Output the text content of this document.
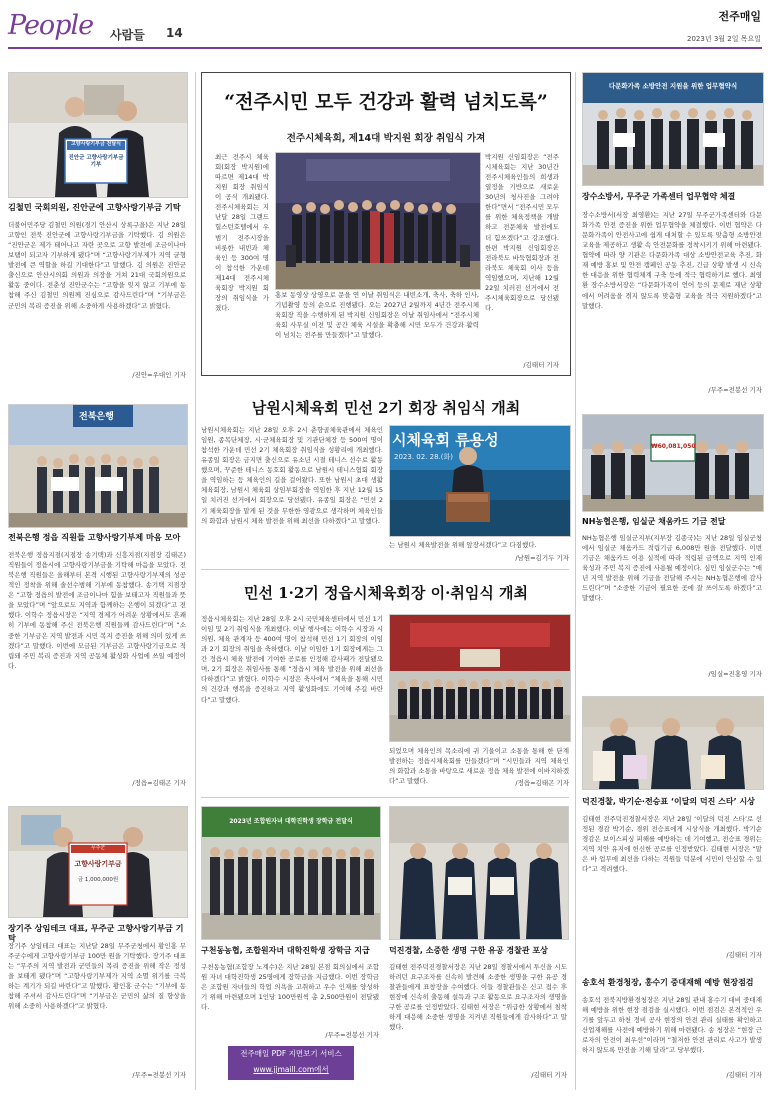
People 사람들 14
전주매일
2023년 3월 2일 목요일
고향사랑기부금 전달식
진안군 고향사랑기부금 기부
김철민 국회의원, 진안군에 고향사랑기부금 기탁
더불어민주당 김철민 의원(경기 안산시 상록구을)은 지난 28일 고향인 전북 진안군에 고향사랑기부금을 기탁했다. 김 의원은 “진안군은 제가 태어나고 자란 곳으로 고향 발전에 조금이나마 보탬이 되고자 기부하게 됐다”며 “고향사랑기부제가 지역 균형발전에 큰 역할을 하길 기대한다”고 말했다. 김 의원은 진안군 출신으로 안산시의회 의원과 의장을 거쳐 21대 국회의원으로 활동 중이다. 전춘성 진안군수는 “고향을 잊지 않고 기부에 동참해 주신 김철민 의원께 진심으로 감사드린다”며 “기부금은 군민의 복리 증진을 위해 소중하게 사용하겠다”고 밝혔다.
/진안=우대인 기자
전북은행
전북은행 정읍 직원들 고향사랑기부제 마음 모아
전북은행 정읍지점(지점장 송기택)과 신흥지점(지점장 김태곤) 직원들이 정읍시에 고향사랑기부금을 기탁해 마음을 모았다. 전북은행 직원들은 올해부터 본격 시행된 고향사랑기부제의 성공적인 정착을 위해 솔선수범해 기부에 동참했다. 송기택 지점장은 “고향 정읍의 발전에 조금이나마 힘을 보태고자 직원들과 뜻을 모았다”며 “앞으로도 지역과 함께하는 은행이 되겠다”고 전했다. 이학수 정읍시장은 “지역 경제가 어려운 상황에서도 흔쾌히 기부에 동참해 주신 전북은행 직원들께 감사드린다”며 “소중한 기부금은 지역 발전과 시민 복지 증진을 위해 의미 있게 쓰겠다”고 말했다. 이번에 모금된 기부금은 고향사랑기금으로 적립돼 주민 복리 증진과 지역 공동체 활성화 사업에 쓰일 예정이다.
/정읍=김태곤 기자
무주군
고향사랑기부금
금 1,000,000원
장기주 상임테크 대표, 무주군 고향사랑기부금 기탁
장기주 상임테크 대표는 지난달 28일 무주군청에서 황인홍 무주군수에게 고향사랑기부금 100만 원을 기탁했다. 장기주 대표는 “무주의 지역 발전과 군민들의 복리 증진을 위해 작은 정성을 보태게 됐다”며 “고향사랑기부제가 지역 소멸 위기를 극복하는 계기가 되길 바란다”고 말했다. 황인홍 군수는 “기부에 동참해 주셔서 감사드린다”며 “기부금은 군민의 삶의 질 향상을 위해 소중히 사용하겠다”고 밝혔다.
/무주=전봉선 기자
“전주시민 모두 건강과 활력 넘치도록”
전주시체육회, 제14대 박지원 회장 취임식 가져
최근 전주시 체육회(회장 박지원)에 따르면 제14대 박지원 회장 취임식이 공식 개최됐다. 전주시체육회는 지난달 28일 그랜드힐스턴호텔에서 우범기 전주시장을 비롯한 내빈과 체육인 등 300여 명이 참석한 가운데 제14대 전주시체육회장 박지원 회장의 취임식을 가졌다.
홍보 동영상 상영으로 문을 연 이날 취임식은 내빈소개, 축사, 축하 인사, 기념촬영 등의 순으로 진행됐다. 오는 2027년 2월까지 4년간 전주시체육회장 직을 수행하게 된 박지원 신임회장은 이날 취임사에서 “전주시체육회 사무실 이전 및 공간 체육 시설을 확충해 시민 모두가 건강과 활력이 넘치는 전주를 만들겠다”고 말했다.
박지원 신임회장은 “전주시체육회는 지난 30년간 전주시체육인들의 희생과 열정을 기반으로 새로운 30년의 청사진을 그려야 한다”면서 “전주시민 모두를 위한 체육정책을 개발하고 전문체육 발전에도 더 힘쓰겠다”고 강조했다. 한편 박지원 신임회장은 전라북도 바둑협회장과 전라북도 체육회 이사 등을 역임했으며, 지난해 12월 22일 치러진 선거에서 전주시체육회장으로 당선됐다.
/김태터 기자
남원시체육회 민선 2기 회장 취임식 개최
남원시체육회는 지난 28일 오후 2시 춘향골체육관에서 체육인 임원, 종목단체장, 시·군체육회장 및 기관단체장 등 500여 명이 참석한 가운데 민선 2기 체육회장 취임식을 성황리에 개최했다. 유종일 회장은 금지면 출신으로 유소년 시절 테니스 선수로 활동했으며, 꾸준한 테니스 동호회 활동으로 남원시 테니스협회 회장을 역임하는 등 체육인의 길을 걸어왔다. 또한 남원시 초대 생활체육회장, 남원시 체육회 상임부회장을 역임한 후 지난 12월 15일 치러진 선거에서 회장으로 당선됐다. 유종일 회장은 “민선 2기 체육회장을 맡게 된 것을 무한한 영광으로 생각하며 체육인들의 화합과 남원시 체육 발전을 위해 최선을 다하겠다”고 말했다.
시체육회 류용성
2023. 02. 28.(화)
는 남원시 체육발전을 위해 앞장서겠다”고 다짐했다.
/남원=김기두 기자
민선 1·2기 정읍시체육회장 이·취임식 개최
정읍시체육회는 지난 28일 오후 2시 국민체육센터에서 민선 1기 이임 및 2기 취임식을 개최했다. 이날 행사에는 이학수 시장과 시의원, 체육 관계자 등 400여 명이 참석해 민선 1기 회장의 이임과 2기 회장의 취임을 축하했다. 이날 이임한 1기 회장에게는 그간 정읍시 체육 발전에 기여한 공로를 인정해 감사패가 전달됐으며, 2기 회장은 취임사를 통해 “정읍시 체육 발전을 위해 최선을 다하겠다”고 밝혔다. 이학수 시장은 축사에서 “체육을 통해 시민의 건강과 행복을 증진하고 지역 활성화에도 기여해 주길 바란다”고 말했다.
되었으며 체육인의 목소리에 귀 기울이고 소통을 통해 한 단계 발전하는 정읍시체육회를 만들겠다”며 “시민들과 지역 체육인의 화합과 소통을 바탕으로 새로운 정읍 체육 발전에 이바지하겠다”고 말했다.	/정읍=김태곤 기자
2023년 조합원자녀 대학진학생 장학금 전달식
구천동농협, 조합원자녀 대학진학생 장학금 지급
구천동농협(조합장 노계수)은 지난 28일 본점 회의실에서 조합원 자녀 대학진학생 25명에게 장학금을 지급했다. 이번 장학금은 조합원 자녀들의 학업 의욕을 고취하고 우수 인재를 양성하기 위해 마련됐으며 1인당 100만원씩 총 2,500만원이 전달됐다.
/무주=전봉선 기자
전주매일 PDF 지면보기 서비스
www.jjmaill.com에서
덕진경찰, 소중한 생명 구한 유공 경찰관 포상
김태현 전주덕진경찰서장은 지난 28일 경찰서에서 투신을 시도하려던 요구조자를 신속히 발견해 소중한 생명을 구한 유공 경찰관들에게 표창장을 수여했다. 이들 경찰관들은 신고 접수 후 현장에 신속히 출동해 설득과 구조 활동으로 요구조자의 생명을 구한 공로를 인정받았다. 김태현 서장은 “위급한 상황에서 침착하게 대응해 소중한 생명을 지켜낸 직원들에게 감사하다”고 말했다.
/김태터 기자
다문화가족 소방안전 지원을 위한 업무협약식
장수소방서, 무주군 가족센터 업무협약 체결
장수소방서(서장 최영환)는 지난 27일 무주군가족센터와 다문화가족 안전 증진을 위한 업무협약을 체결했다. 이번 협약은 다문화가족이 안전사고에 쉽게 대처할 수 있도록 맞춤형 소방안전교육을 제공하고 생활 속 안전문화를 정착시키기 위해 마련됐다. 협약에 따라 양 기관은 다문화가족 대상 소방안전교육 추진, 화재 예방 홍보 및 안전 캠페인 공동 추진, 긴급 상황 발생 시 신속한 대응을 위한 협력체계 구축 등에 적극 협력하기로 했다. 최영환 장수소방서장은 “다문화가족이 언어 등의 문제로 재난 상황에서 어려움을 겪지 않도록 맞춤형 교육을 적극 지원하겠다”고 말했다.
/무주=전봉선 기자
₩60,081,050
NH농협은행, 임실군 채움카드 기금 전달
NH농협은행 임실군지부(지부장 김종국)는 지난 28일 임실군청에서 임실군 채움카드 적립기금 6,008만 원을 전달했다. 이번 기금은 채움카드 이용 실적에 따라 적립된 금액으로 지역 인재 육성과 주민 복지 증진에 사용될 예정이다. 심민 임실군수는 “매년 지역 발전을 위해 기금을 전달해 주시는 NH농협은행에 감사드린다”며 “소중한 기금이 필요한 곳에 잘 쓰이도록 하겠다”고 말했다.
/임실=진홍영 기자
덕진경찰, 박기순·전승표 ‘이달의 덕진 스타’ 시상
김태현 전주덕진경찰서장은 지난 28일 ‘이달의 덕진 스타’로 선정된 경감 박기순, 경위 전승표에게 시상식을 개최했다. 박기순 경감은 보이스피싱 피해를 예방하는 데 기여했고, 전승표 경위는 지역 치안 유지에 헌신한 공로를 인정받았다. 김태현 서장은 “맡은 바 업무에 최선을 다하는 직원들 덕분에 시민이 안심할 수 있다”고 격려했다.
/김태터 기자
송호석 환경청장, 홍수기 중대재해 예방 현장점검
송호석 전북지방환경청장은 지난 28일 관내 홍수기 대비 중대재해 예방을 위한 현장 점검을 실시했다. 이번 점검은 본격적인 우기를 앞두고 하천 정비 공사 현장의 안전 관리 실태를 확인하고 산업재해를 사전에 예방하기 위해 마련됐다. 송 청장은 “현장 근로자의 안전이 최우선”이라며 “철저한 안전 관리로 사고가 발생하지 않도록 만전을 기해 달라”고 당부했다.
/김태터 기자
